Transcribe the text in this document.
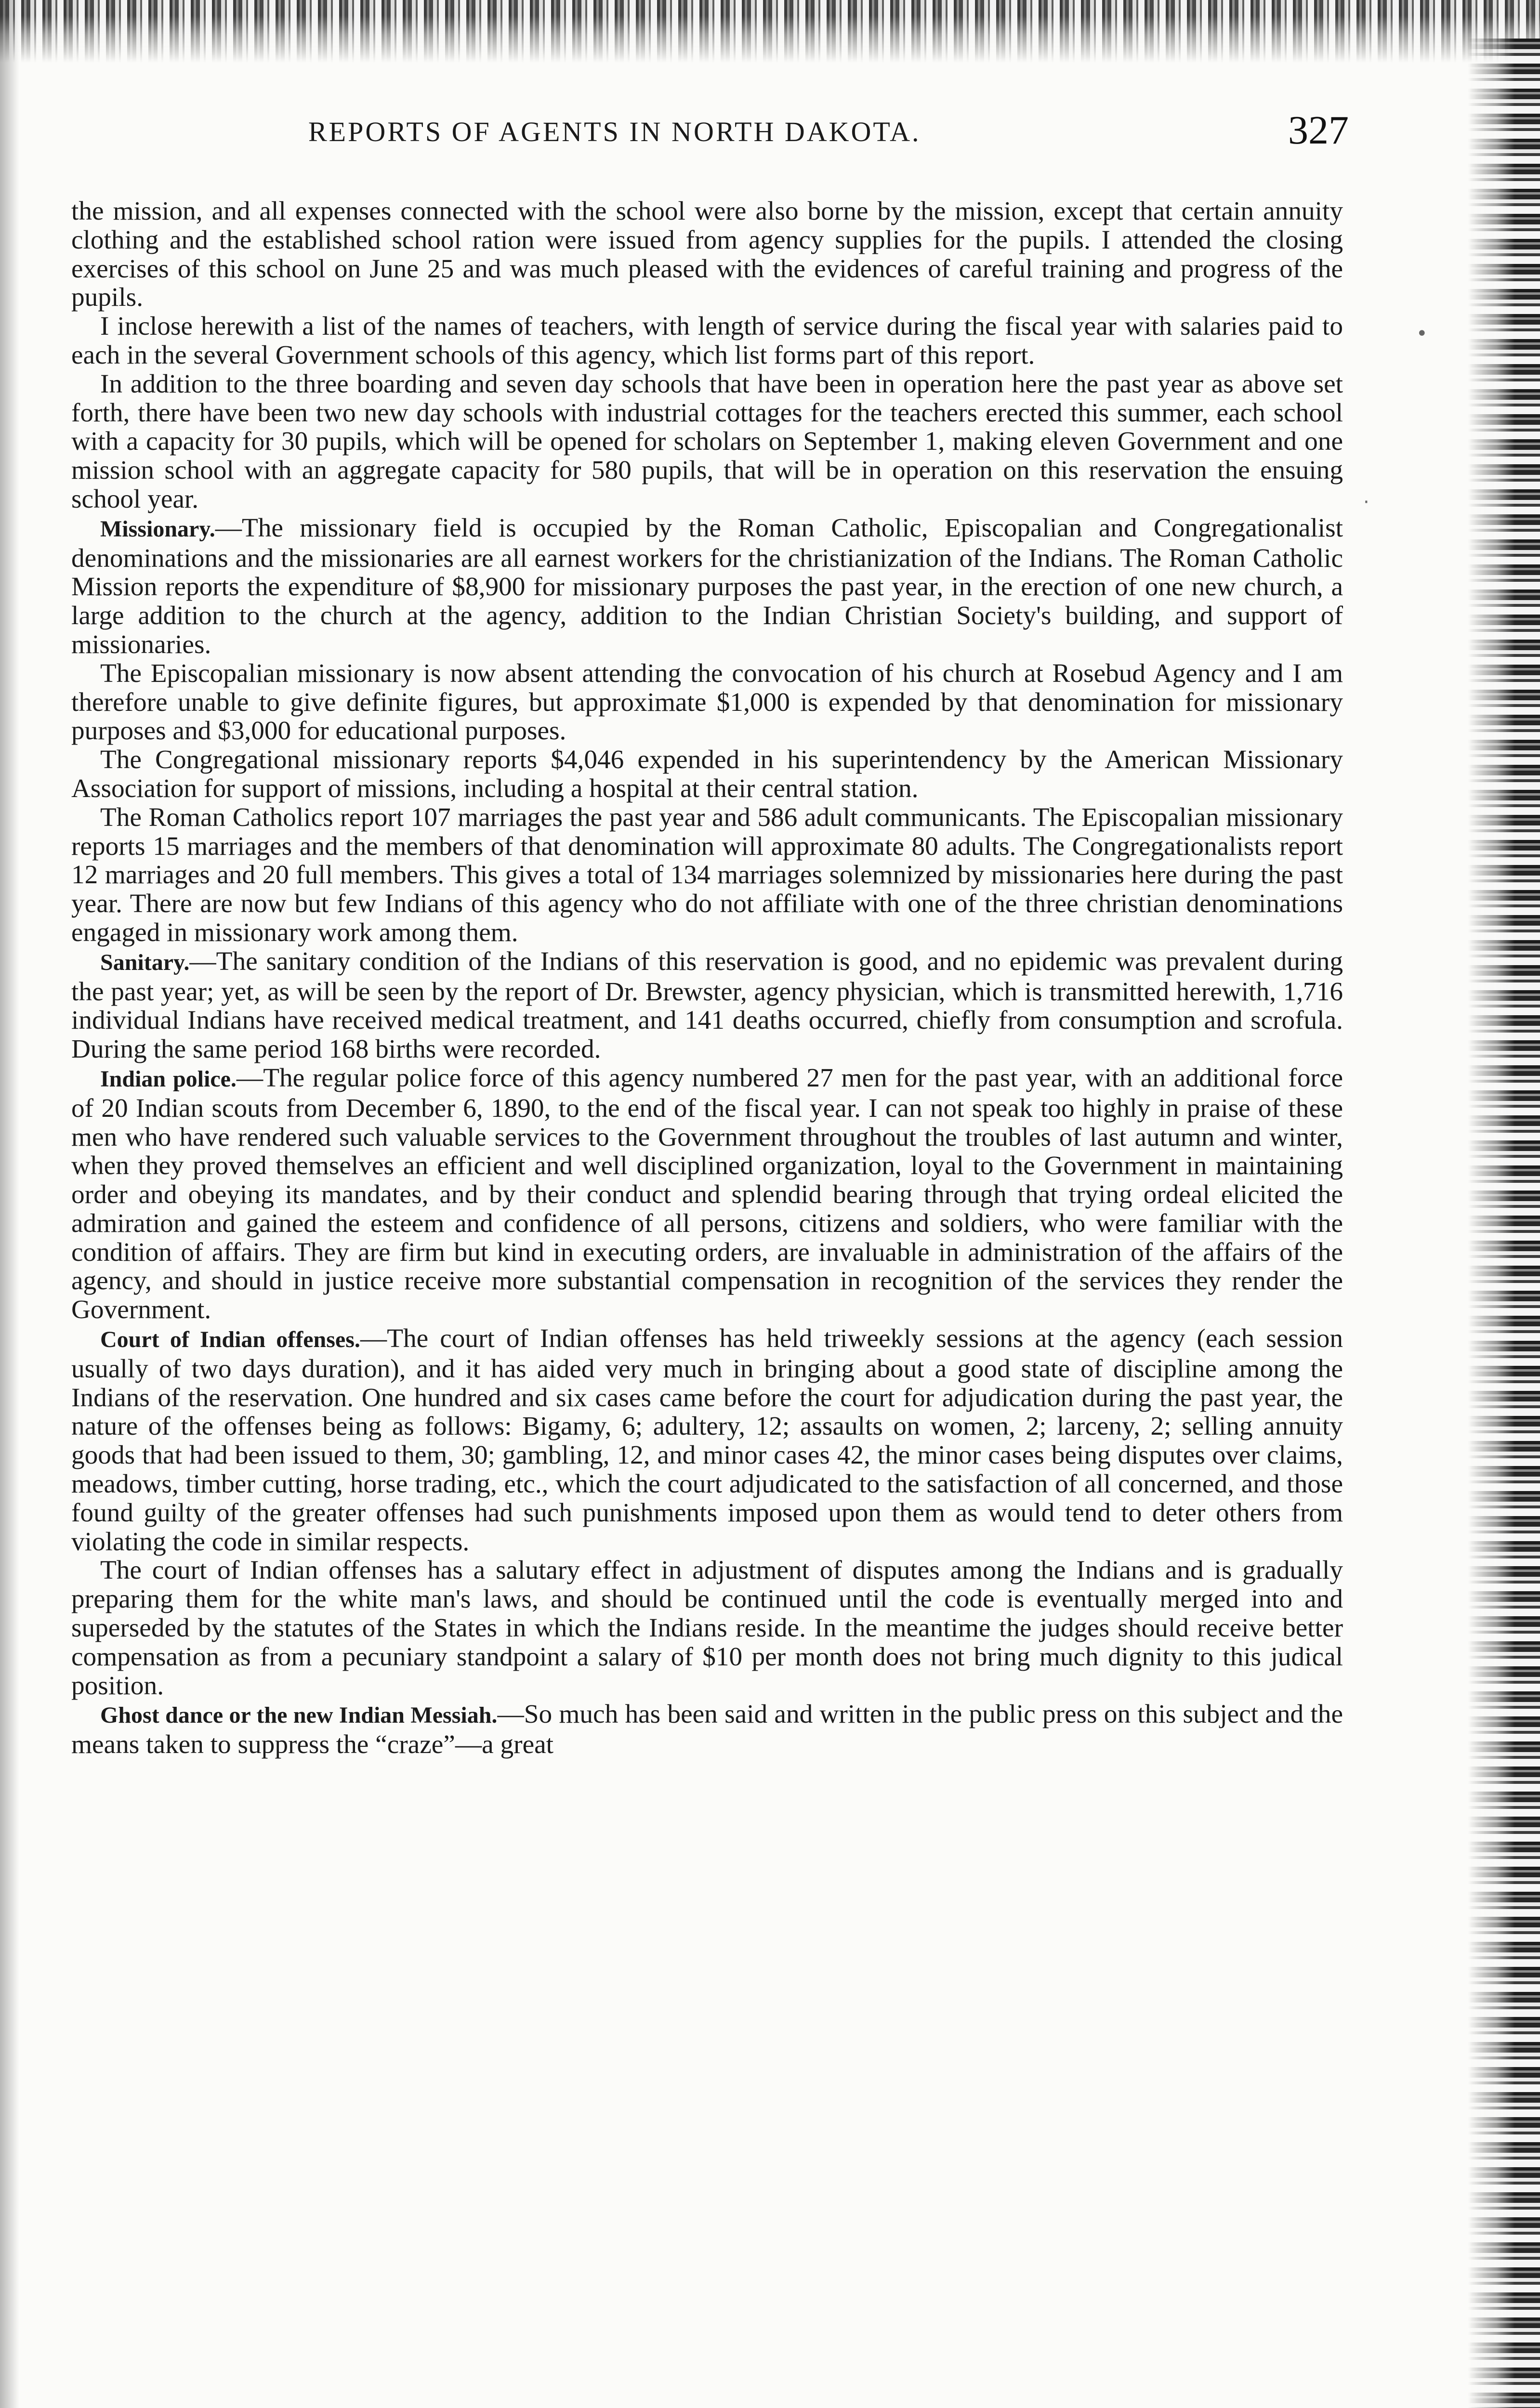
REPORTS OF AGENTS IN NORTH DAKOTA.	327

the mission, and all expenses connected with the school were also borne by the mission, except that certain annuity clothing and the established school ration were issued from agency supplies for the pupils. I attended the closing exercises of this school on June 25 and was much pleased with the evidences of careful training and progress of the pupils.

I inclose herewith a list of the names of teachers, with length of service during the fiscal year with salaries paid to each in the several Government schools of this agency, which list forms part of this report.

In addition to the three boarding and seven day schools that have been in operation here the past year as above set forth, there have been two new day schools with industrial cottages for the teachers erected this summer, each school with a capacity for 30 pupils, which will be opened for scholars on September 1, making eleven Government and one mission school with an aggregate capacity for 580 pupils, that will be in operation on this reservation the ensuing school year.

Missionary.—The missionary field is occupied by the Roman Catholic, Episcopalian and Congregationalist denominations and the missionaries are all earnest workers for the christianization of the Indians. The Roman Catholic Mission reports the expenditure of $8,900 for missionary purposes the past year, in the erection of one new church, a large addition to the church at the agency, addition to the Indian Christian Society's building, and support of missionaries.

The Episcopalian missionary is now absent attending the convocation of his church at Rosebud Agency and I am therefore unable to give definite figures, but approximate $1,000 is expended by that denomination for missionary purposes and $3,000 for educational purposes.

The Congregational missionary reports $4,046 expended in his superintendency by the American Missionary Association for support of missions, including a hospital at their central station.

The Roman Catholics report 107 marriages the past year and 586 adult communicants. The Episcopalian missionary reports 15 marriages and the members of that denomination will approximate 80 adults. The Congregationalists report 12 marriages and 20 full members. This gives a total of 134 marriages solemnized by missionaries here during the past year. There are now but few Indians of this agency who do not affiliate with one of the three christian denominations engaged in missionary work among them.

Sanitary.—The sanitary condition of the Indians of this reservation is good, and no epidemic was prevalent during the past year; yet, as will be seen by the report of Dr. Brewster, agency physician, which is transmitted herewith, 1,716 individual Indians have received medical treatment, and 141 deaths occurred, chiefly from consumption and scrofula. During the same period 168 births were recorded.

Indian police.—The regular police force of this agency numbered 27 men for the past year, with an additional force of 20 Indian scouts from December 6, 1890, to the end of the fiscal year. I can not speak too highly in praise of these men who have rendered such valuable services to the Government throughout the troubles of last autumn and winter, when they proved themselves an efficient and well disciplined organization, loyal to the Government in maintaining order and obeying its mandates, and by their conduct and splendid bearing through that trying ordeal elicited the admiration and gained the esteem and confidence of all persons, citizens and soldiers, who were familiar with the condition of affairs. They are firm but kind in executing orders, are invaluable in administration of the affairs of the agency, and should in justice receive more substantial compensation in recognition of the services they render the Government.

Court of Indian offenses.—The court of Indian offenses has held triweekly sessions at the agency (each session usually of two days duration), and it has aided very much in bringing about a good state of discipline among the Indians of the reservation. One hundred and six cases came before the court for adjudication during the past year, the nature of the offenses being as follows: Bigamy, 6; adultery, 12; assaults on women, 2; larceny, 2; selling annuity goods that had been issued to them, 30; gambling, 12, and minor cases 42, the minor cases being disputes over claims, meadows, timber cutting, horse trading, etc., which the court adjudicated to the satisfaction of all concerned, and those found guilty of the greater offenses had such punishments imposed upon them as would tend to deter others from violating the code in similar respects.

The court of Indian offenses has a salutary effect in adjustment of disputes among the Indians and is gradually preparing them for the white man's laws, and should be continued until the code is eventually merged into and superseded by the statutes of the States in which the Indians reside. In the meantime the judges should receive better compensation as from a pecuniary standpoint a salary of $10 per month does not bring much dignity to this judical position.

Ghost dance or the new Indian Messiah.—So much has been said and written in the public press on this subject and the means taken to suppress the “craze”—a great

•
·
